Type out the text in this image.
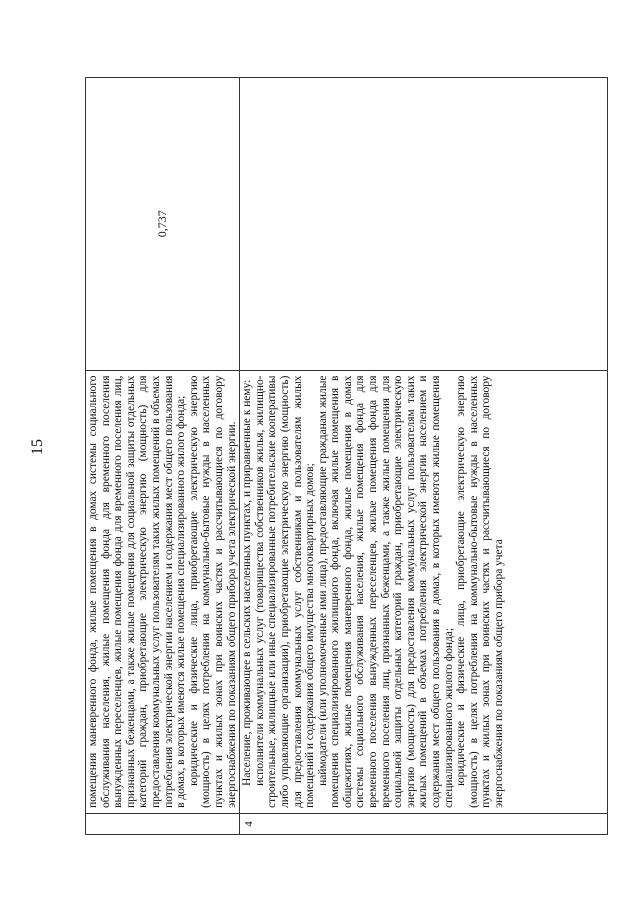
15

	помещения маневренного фонда, жилые помещения в домах системы социального обслуживания населения, жилые помещения фонда для временного поселения вынужденных переселенцев, жилые помещения фонда для временного поселения лиц, признанных беженцами, а также жилые помещения для социальной защиты отдельных категорий граждан, приобретающие электрическую энергию (мощность) для предоставления коммунальных услуг пользователям таких жилых помещений в объемах потребления электрической энергии населением и содержания мест общего пользования в домах, в которых имеются жилые помещения специализированного жилого фонда; юридические и физические лица, приобретающие электрическую энергию (мощность) в целях потребления на коммунально-бытовые нужды в населенных пунктах и жилых зонах при воинских частях и рассчитывающиеся по договору энергоснабжения по показаниям общего прибора учета электрической энергии.	0,737
4	Население, проживающее в сельских населенных пунктах, и приравненные к нему: исполнители коммунальных услуг (товарищества собственников жилья, жилищно-строительные, жилищные или иные специализированные потребительские кооперативы либо управляющие организации), приобретающие электрическую энергию (мощность) для предоставления коммунальных услуг собственникам и пользователям жилых помещений и содержания общего имущества многоквартирных домов; наймодатели (или уполномоченные ими лица), предоставляющие гражданам жилые помещения специализированного жилищного фонда, включая жилые помещения в общежитиях, жилые помещения маневренного фонда, жилые помещения в домах системы социального обслуживания населения, жилые помещения фонда для временного поселения вынужденных переселенцев, жилые помещения фонда для временного поселения лиц, признанных беженцами, а также жилые помещения для социальной защиты отдельных категорий граждан, приобретающие электрическую энергию (мощность) для предоставления коммунальных услуг пользователям таких жилых помещений в объемах потребления электрической энергии населением и содержания мест общего пользования в домах, в которых имеются жилые помещения специализированного жилого фонда; юридические и физические лица, приобретающие электрическую энергию (мощность) в целях потребления на коммунально-бытовые нужды в населенных пунктах и жилых зонах при воинских частях и рассчитывающиеся по договору энергоснабжения по показаниям общего прибора учета	
